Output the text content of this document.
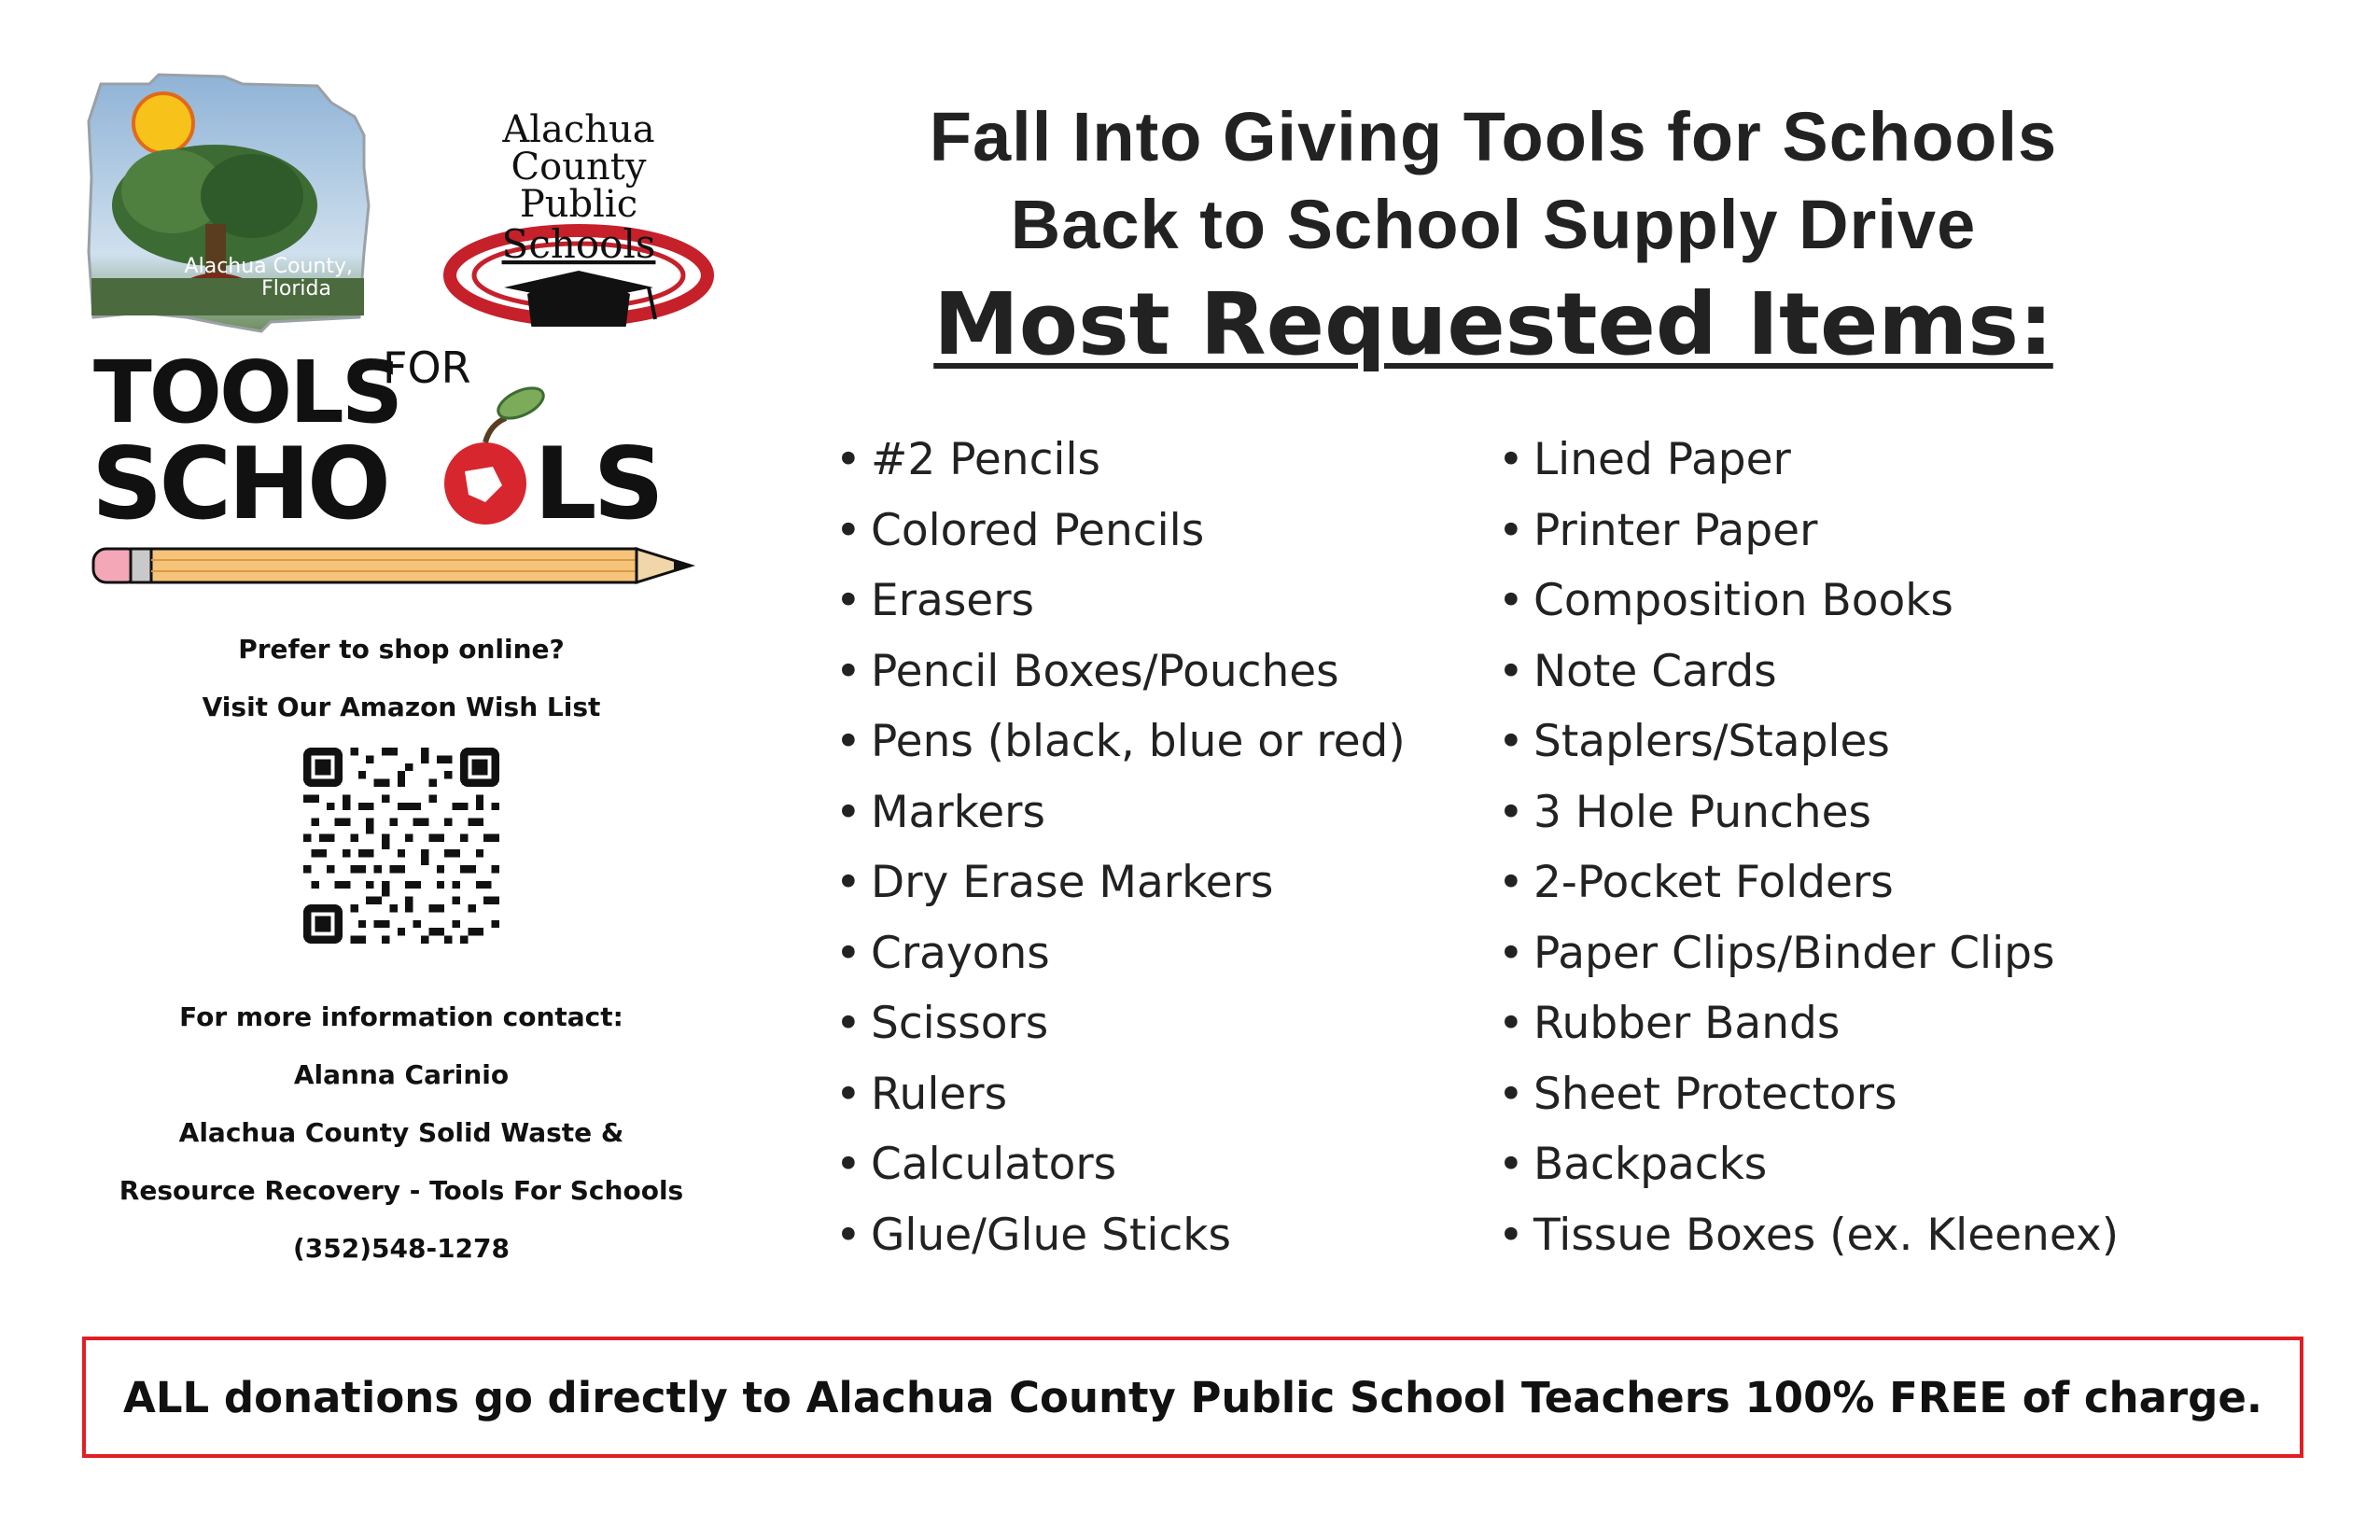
Alachua County,
Florida
Alachua
County
Public
Schools
TOOLS
FOR
SCHO LS
Prefer to shop online?
Visit Our Amazon Wish List
For more information contact:
Alanna Carinio
Alachua County Solid Waste &
Resource Recovery - Tools For Schools
(352)548-1278
Fall Into Giving Tools for Schools
Back to School Supply Drive
Most Requested Items:
• #2 Pencils
• Colored Pencils
• Erasers
• Pencil Boxes/Pouches
• Pens (black, blue or red)
• Markers
• Dry Erase Markers
• Crayons
• Scissors
• Rulers
• Calculators
• Glue/Glue Sticks
• Lined Paper
• Printer Paper
• Composition Books
• Note Cards
• Staplers/Staples
• 3 Hole Punches
• 2-Pocket Folders
• Paper Clips/Binder Clips
• Rubber Bands
• Sheet Protectors
• Backpacks
• Tissue Boxes (ex. Kleenex)
ALL donations go directly to Alachua County Public School Teachers 100% FREE of charge.
